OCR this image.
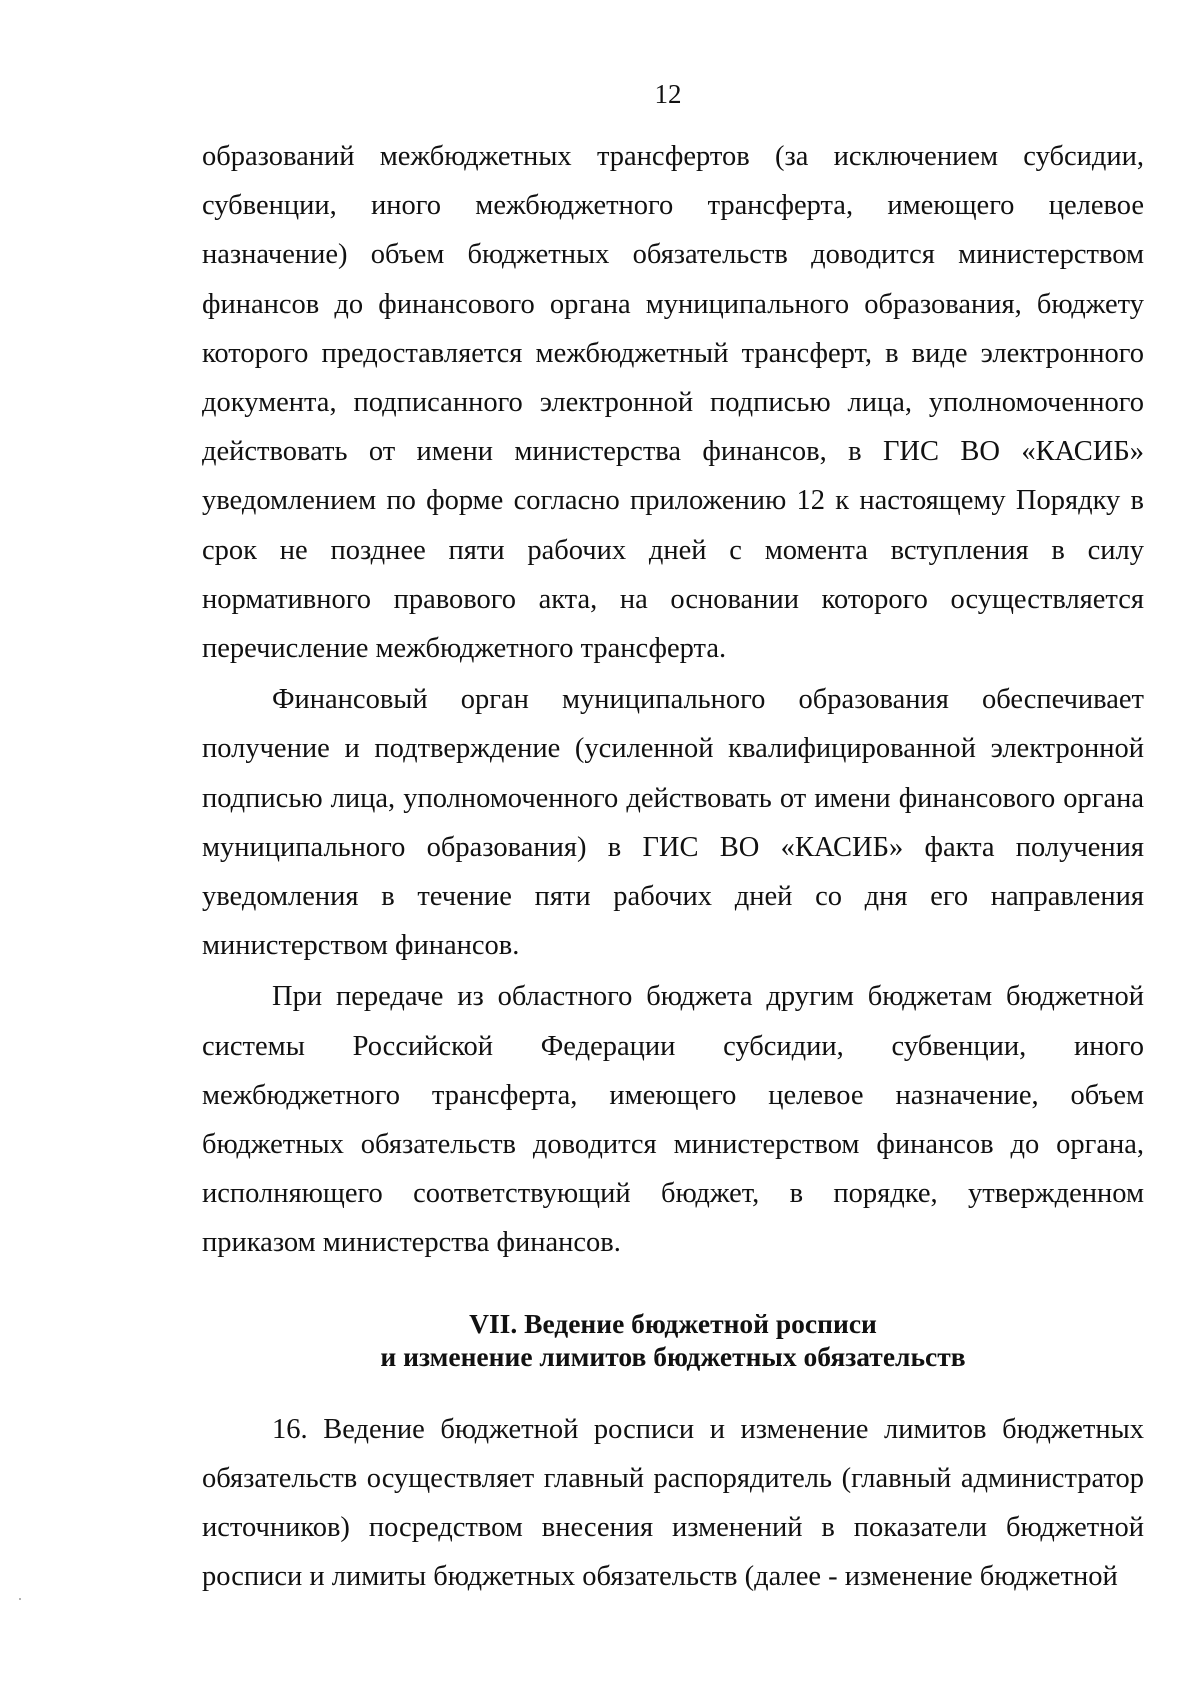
12

образований межбюджетных трансфертов (за исключением субсидии, субвенции, иного межбюджетного трансферта, имеющего целевое назначение) объем бюджетных обязательств доводится министерством финансов до финансового органа муниципального образования, бюджету которого предоставляется межбюджетный трансферт, в виде электронного документа, подписанного электронной подписью лица, уполномоченного действовать от имени министерства финансов, в ГИС ВО «КАСИБ» уведомлением по форме согласно приложению 12 к настоящему Порядку в срок не позднее пяти рабочих дней с момента вступления в силу нормативного правового акта, на основании которого осуществляется перечисление межбюджетного трансферта.

Финансовый орган муниципального образования обеспечивает получение и подтверждение (усиленной квалифицированной электронной подписью лица, уполномоченного действовать от имени финансового органа муниципального образования) в ГИС ВО «КАСИБ» факта получения уведомления в течение пяти рабочих дней со дня его направления министерством финансов.

При передаче из областного бюджета другим бюджетам бюджетной системы Российской Федерации субсидии, субвенции, иного межбюджетного трансферта, имеющего целевое назначение, объем бюджетных обязательств доводится министерством финансов до органа, исполняющего соответствующий бюджет, в порядке, утвержденном приказом министерства финансов.

VII. Ведение бюджетной росписи
и изменение лимитов бюджетных обязательств

16. Ведение бюджетной росписи и изменение лимитов бюджетных обязательств осуществляет главный распорядитель (главный администратор источников) посредством внесения изменений в показатели бюджетной росписи и лимиты бюджетных обязательств (далее - изменение бюджетной
